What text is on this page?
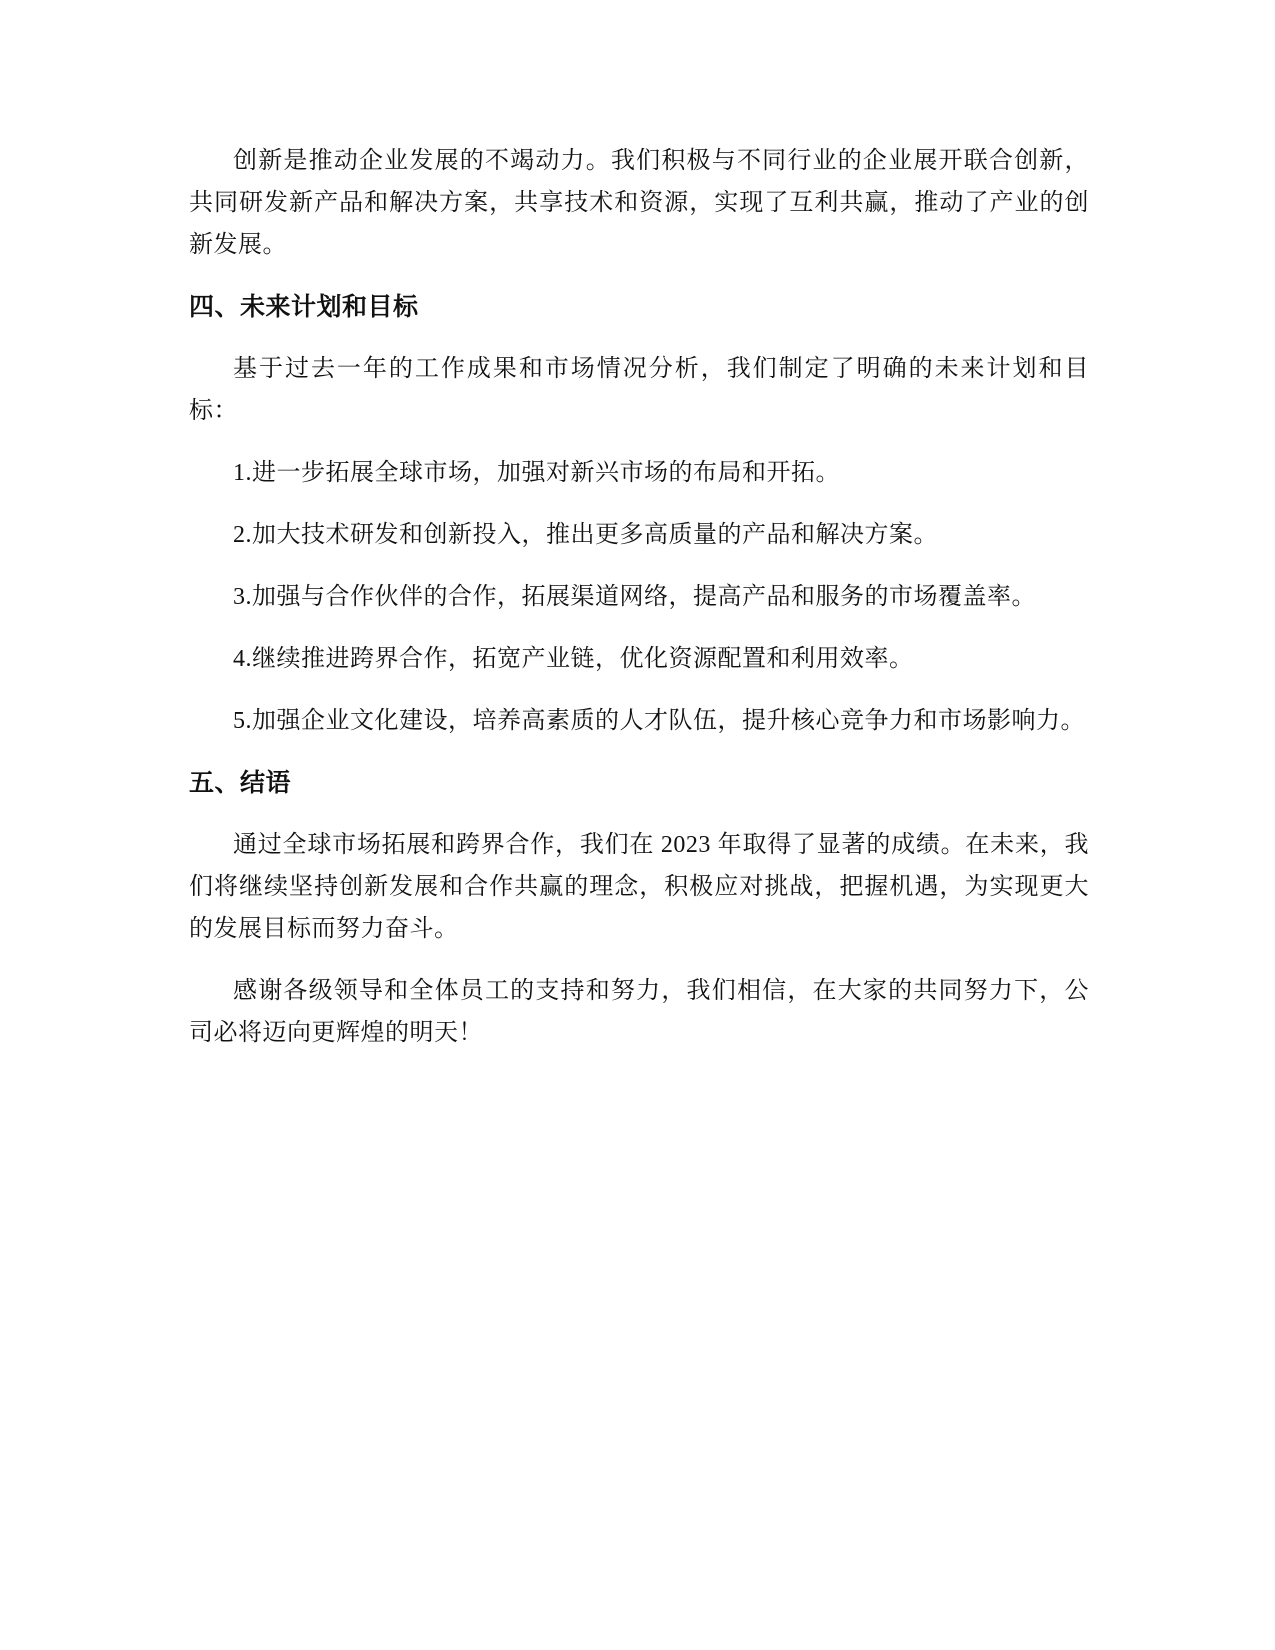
创新是推动企业发展的不竭动力。我们积极与不同行业的企业展开联合创新，共同研发新产品和解决方案，共享技术和资源，实现了互利共赢，推动了产业的创新发展。

四、未来计划和目标

基于过去一年的工作成果和市场情况分析，我们制定了明确的未来计划和目标：

1.进一步拓展全球市场，加强对新兴市场的布局和开拓。

2.加大技术研发和创新投入，推出更多高质量的产品和解决方案。

3.加强与合作伙伴的合作，拓展渠道网络，提高产品和服务的市场覆盖率。

4.继续推进跨界合作，拓宽产业链，优化资源配置和利用效率。

5.加强企业文化建设，培养高素质的人才队伍，提升核心竞争力和市场影响力。

五、结语

通过全球市场拓展和跨界合作，我们在 2023 年取得了显著的成绩。在未来，我们将继续坚持创新发展和合作共赢的理念，积极应对挑战，把握机遇，为实现更大的发展目标而努力奋斗。

感谢各级领导和全体员工的支持和努力，我们相信，在大家的共同努力下，公司必将迈向更辉煌的明天！
